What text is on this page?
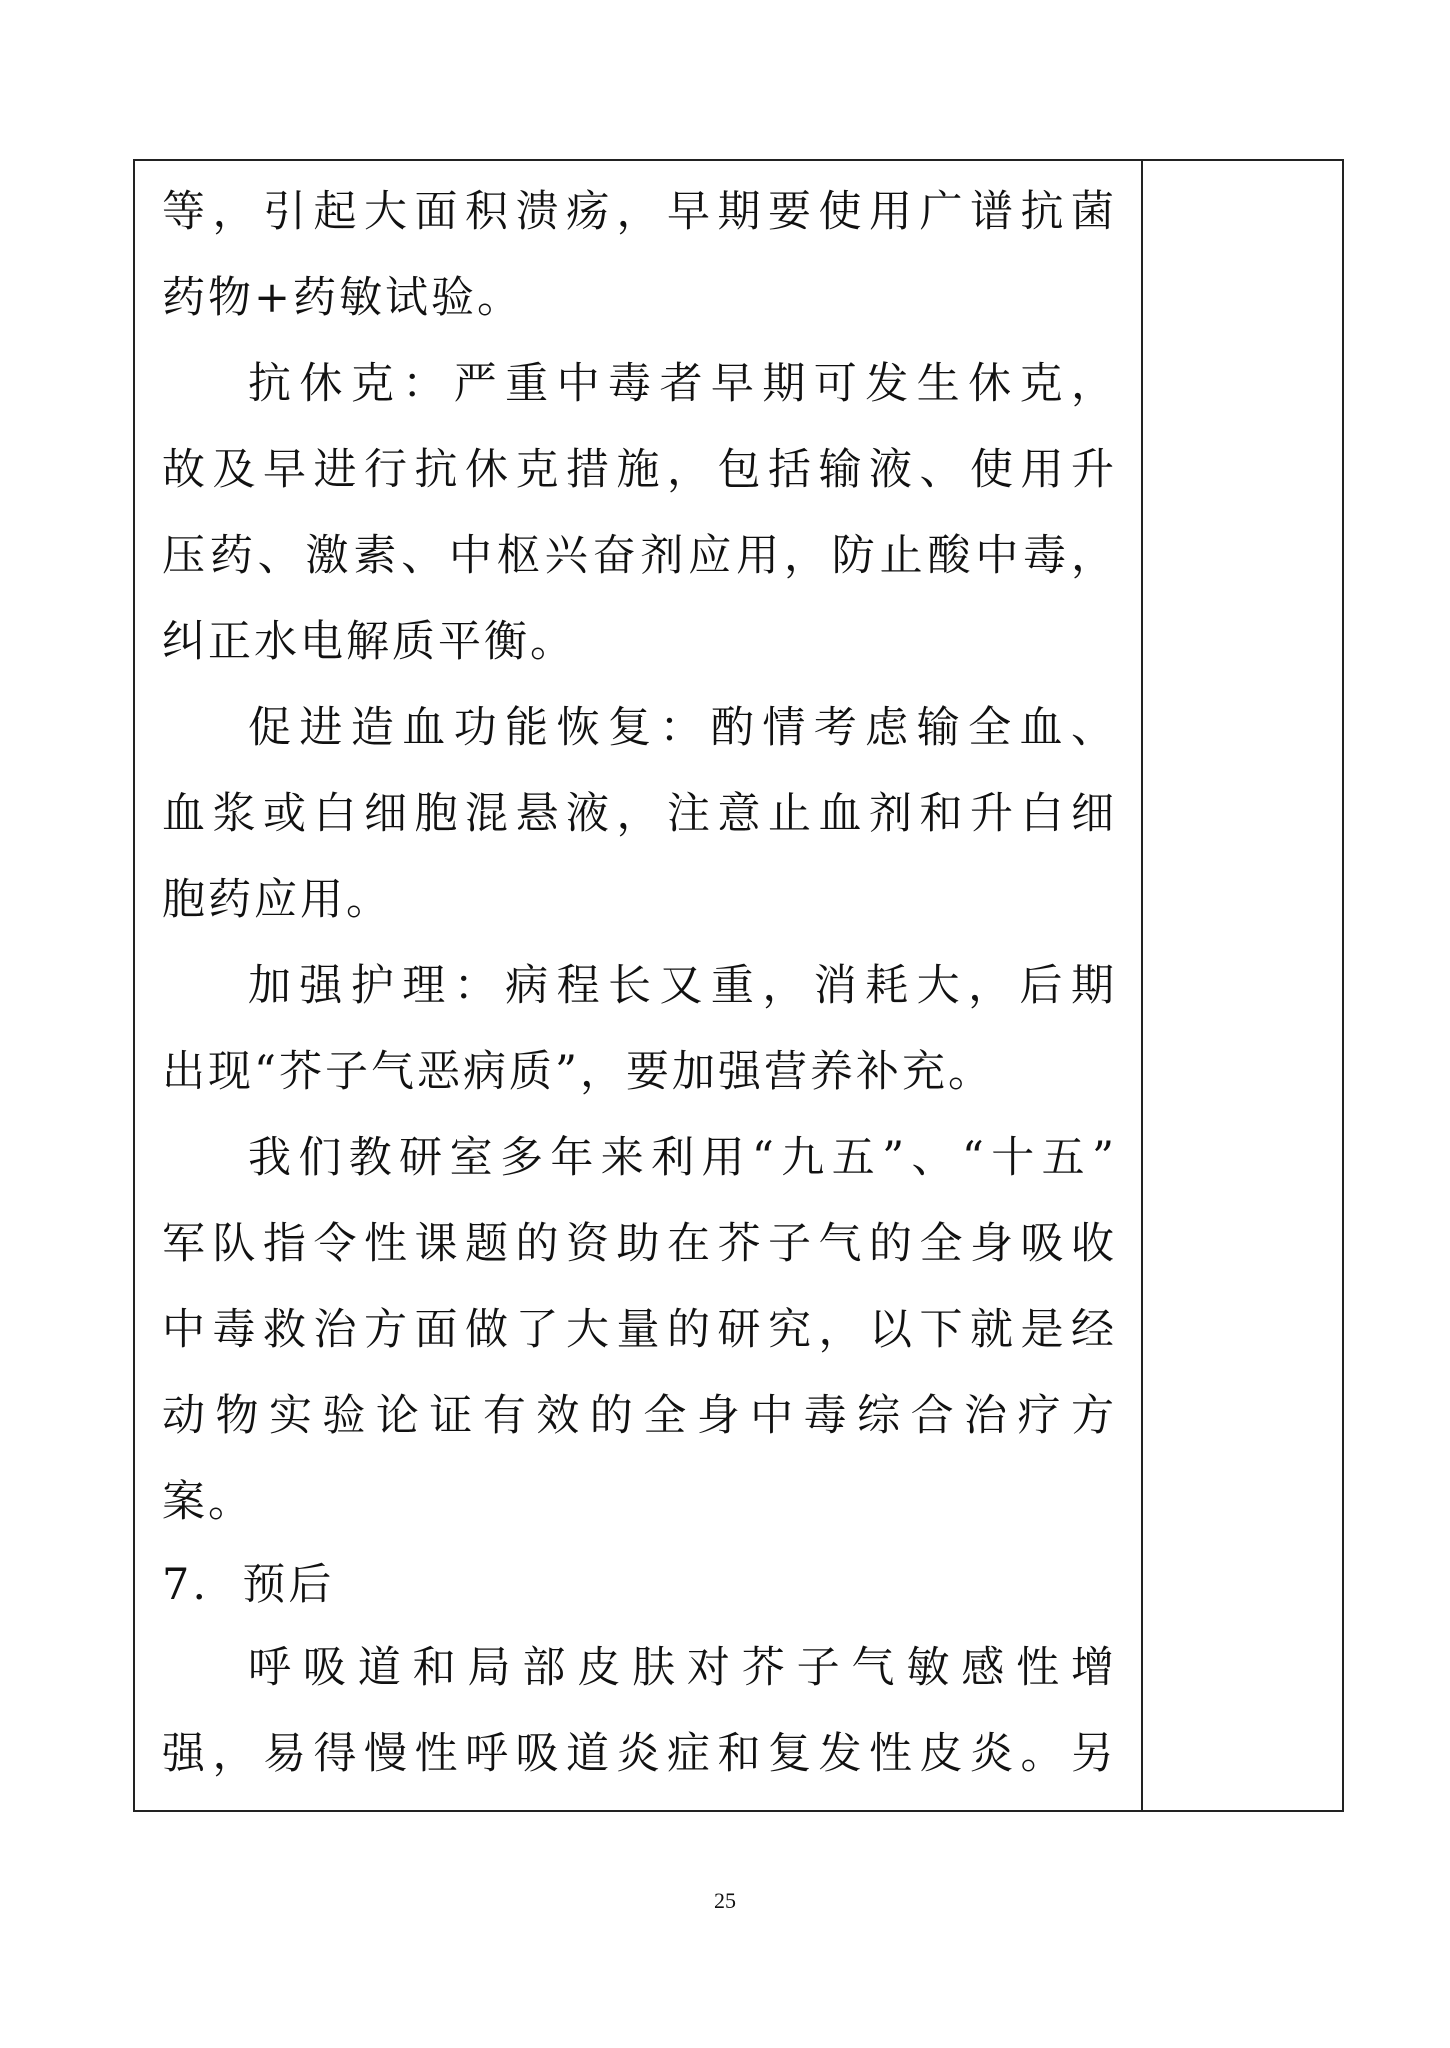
等，引起大面积溃疡，早期要使用广谱抗菌
药物+药敏试验。
抗休克：严重中毒者早期可发生休克，
故及早进行抗休克措施，包括输液、使用升
压药、激素、中枢兴奋剂应用，防止酸中毒，
纠正水电解质平衡。
促进造血功能恢复：酌情考虑输全血、
血浆或白细胞混悬液，注意止血剂和升白细
胞药应用。
加强护理：病程长又重，消耗大，后期
出现“芥子气恶病质”，要加强营养补充。
我们教研室多年来利用“九五”、“十五”
军队指令性课题的资助在芥子气的全身吸收
中毒救治方面做了大量的研究，以下就是经
动物实验论证有效的全身中毒综合治疗方
案。
7.  预后
呼吸道和局部皮肤对芥子气敏感性增
强，易得慢性呼吸道炎症和复发性皮炎。另
25
